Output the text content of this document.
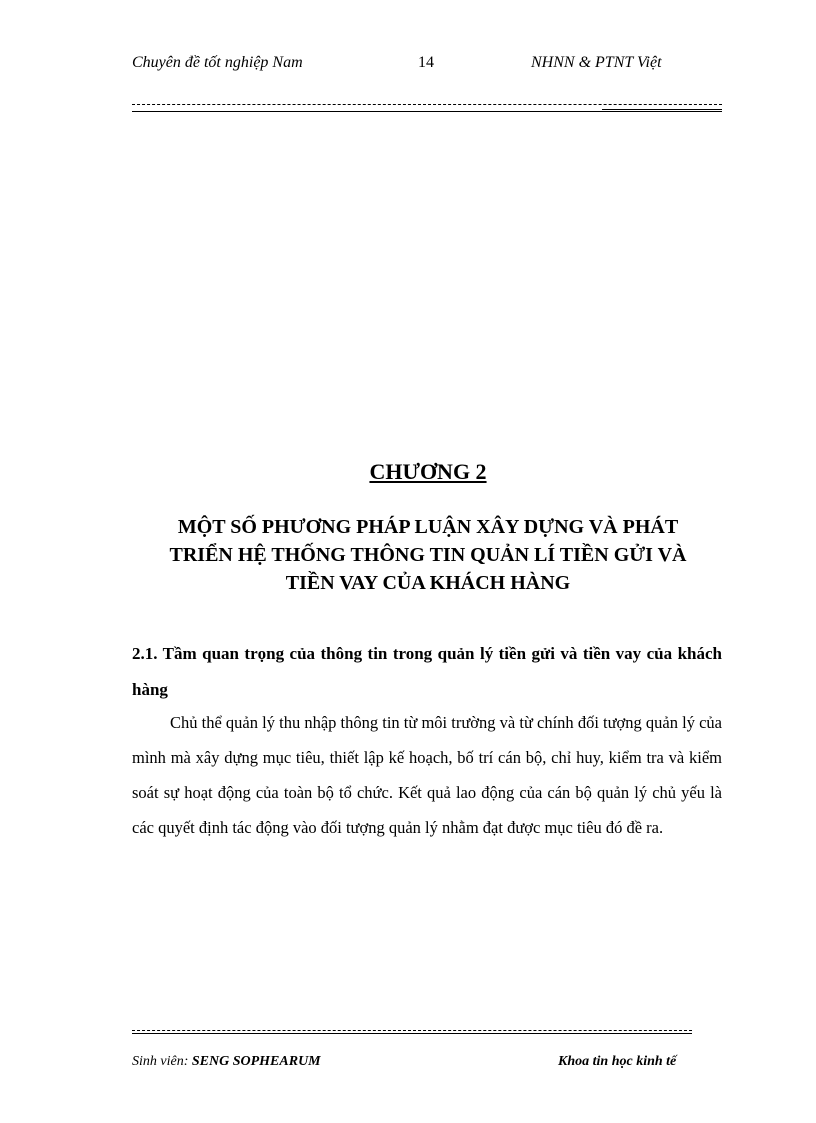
Chuyên đề tốt nghiệp Nam	14	NHNN & PTNT Việt
CHƯƠNG 2
MỘT SỐ PHƯƠNG PHÁP LUẬN XÂY DỰNG VÀ PHÁT TRIỂN HỆ THỐNG THÔNG TIN QUẢN LÍ TIỀN GỬI VÀ TIỀN VAY CỦA KHÁCH HÀNG
2.1. Tầm quan trọng của thông tin trong quản lý tiền gửi và tiền vay của khách hàng
Chủ thể quản lý thu nhập thông tin từ môi trường và từ chính đối tượng quản lý của mình mà xây dựng mục tiêu, thiết lập kế hoạch, bố trí cán bộ, chỉ huy, kiểm tra và kiểm soát sự hoạt động của toàn bộ tổ chức. Kết quả lao động của cán bộ quản lý chủ yếu là các quyết định tác động vào đối tượng quản lý nhằm đạt được mục tiêu đó đề ra.
Sinh viên: SENG SOPHEARUM	Khoa tin học kinh tế
